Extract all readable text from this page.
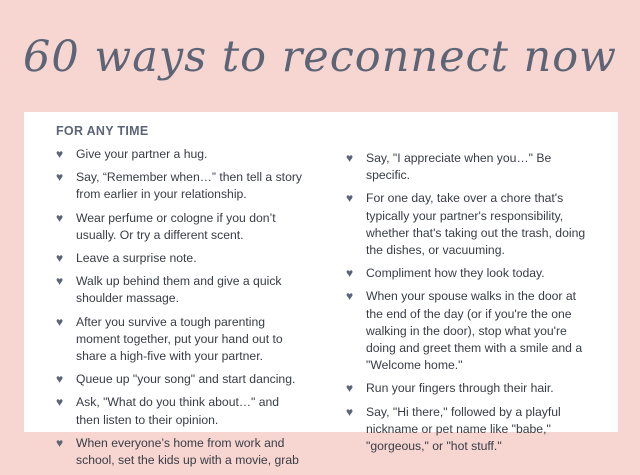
60 ways to reconnect now
FOR ANY TIME
♥ Give your partner a hug.
♥ Say, “Remember when…” then tell a story from earlier in your relationship.
♥ Wear perfume or cologne if you don’t usually. Or try a different scent.
♥ Leave a surprise note.
♥ Walk up behind them and give a quick shoulder massage.
♥ After you survive a tough parenting moment together, put your hand out to share a high-five with your partner.
♥ Queue up "your song" and start dancing.
♥ Ask, "What do you think about…" and then listen to their opinion.
♥ When everyone’s home from work and school, set the kids up with a movie, grab
♥ Say, "I appreciate when you…" Be specific.
♥ For one day, take over a chore that's typically your partner's responsibility, whether that's taking out the trash, doing the dishes, or vacuuming.
♥ Compliment how they look today.
♥ When your spouse walks in the door at the end of the day (or if you're the one walking in the door), stop what you're doing and greet them with a smile and a "Welcome home."
♥ Run your fingers through their hair.
♥ Say, "Hi there," followed by a playful nickname or pet name like "babe," "gorgeous," or "hot stuff."
